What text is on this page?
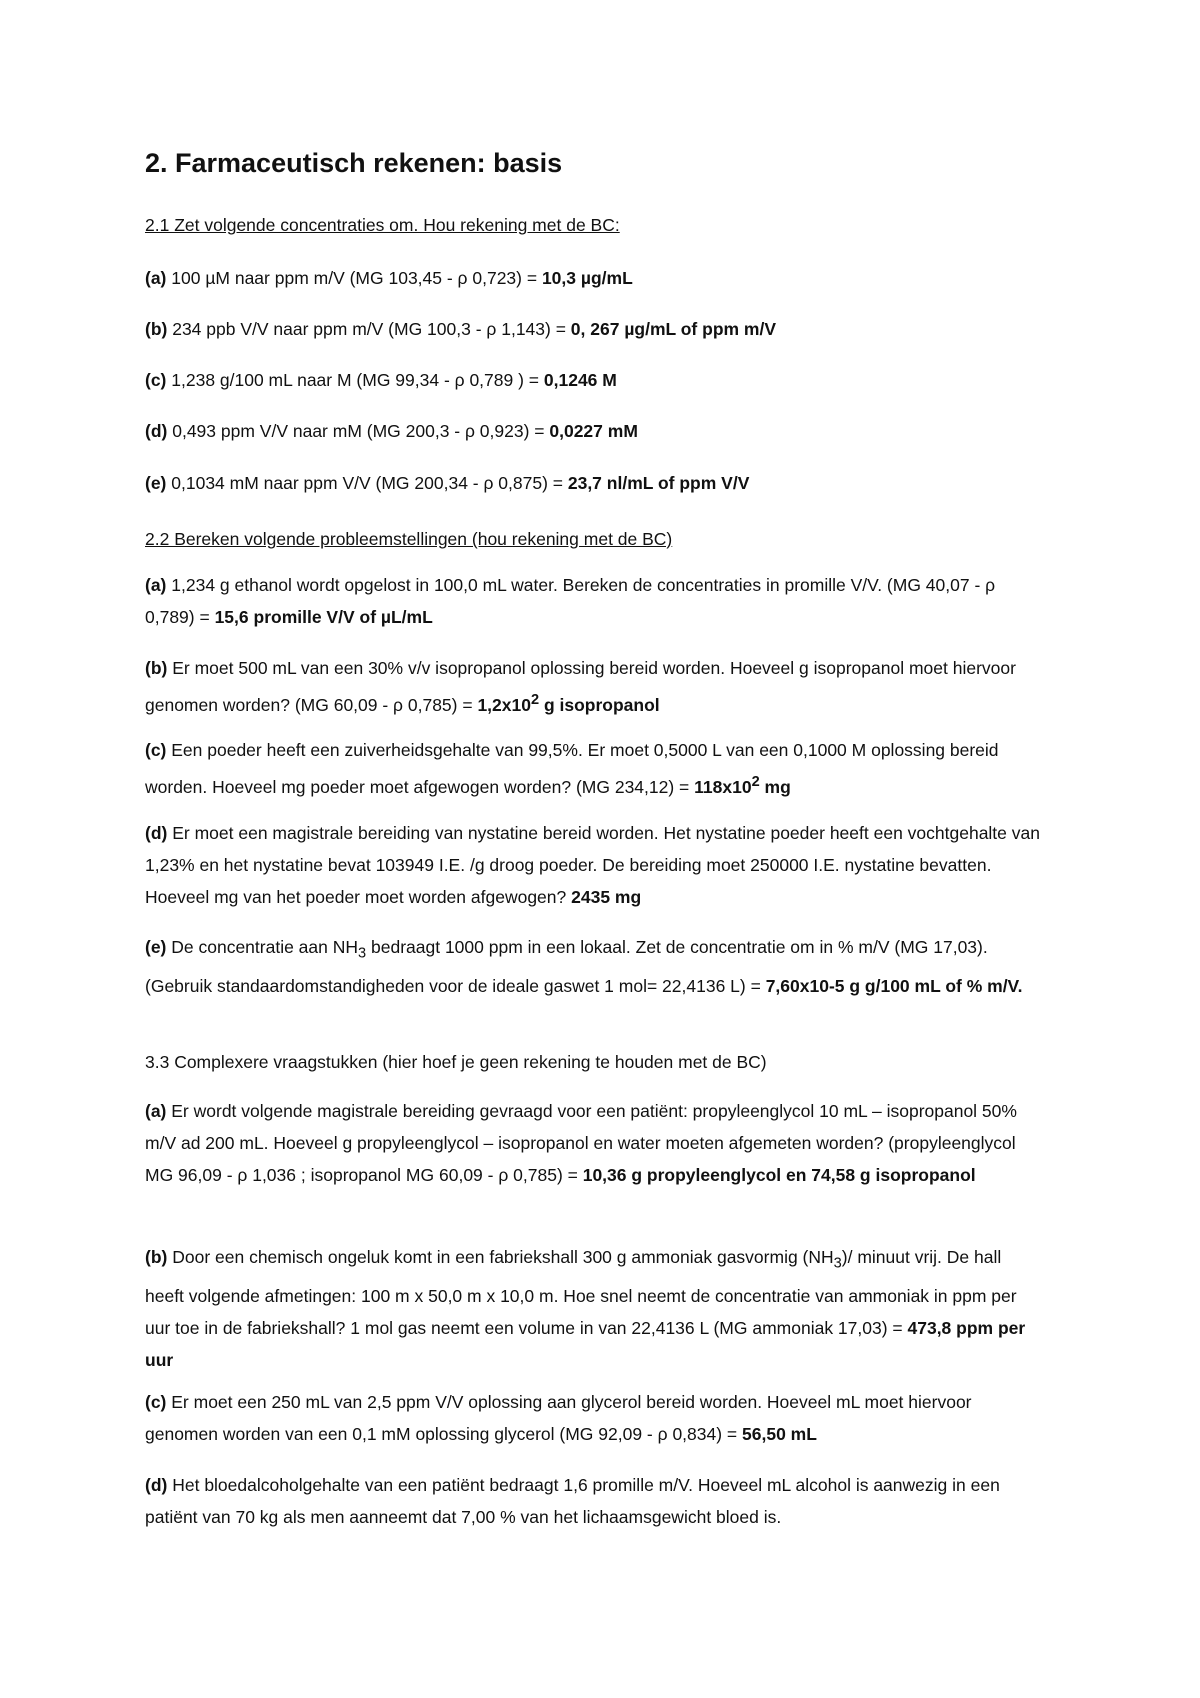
2. Farmaceutisch rekenen: basis

2.1 Zet volgende concentraties om. Hou rekening met de BC:

(a) 100 µM naar ppm m/V (MG 103,45 - ρ 0,723) = 10,3 µg/mL

(b) 234 ppb V/V naar ppm m/V (MG 100,3 - ρ 1,143) = 0, 267 µg/mL of ppm m/V

(c) 1,238 g/100 mL naar M (MG 99,34 - ρ 0,789 ) = 0,1246 M

(d) 0,493 ppm V/V naar mM (MG 200,3 - ρ 0,923) = 0,0227 mM

(e) 0,1034 mM naar ppm V/V (MG 200,34 - ρ 0,875) = 23,7 nl/mL of ppm V/V

2.2 Bereken volgende probleemstellingen (hou rekening met de BC)

(a) 1,234 g ethanol wordt opgelost in 100,0 mL water. Bereken de concentraties in promille V/V. (MG 40,07 - ρ 0,789) = 15,6 promille V/V of µL/mL

(b) Er moet 500 mL van een 30% v/v isopropanol oplossing bereid worden. Hoeveel g isopropanol moet hiervoor genomen worden? (MG 60,09 - ρ $0,785) = 1,2x10^2$ g isopropanol

(c) Een poeder heeft een zuiverheidsgehalte van 99,5%. Er moet 0,5000 L van een 0,1000 M oplossing bereid worden. Hoeveel mg poeder moet afgewogen worden? (MG $234,12) = 118x10^2$ mg

(d) Er moet een magistrale bereiding van nystatine bereid worden. Het nystatine poeder heeft een vochtgehalte van 1,23% en het nystatine bevat 103949 I.E. /g droog poeder. De bereiding moet 250000 I.E. nystatine bevatten. Hoeveel mg van het poeder moet worden afgewogen? 2435 mg

(e) De concentratie aan $NH_3$ bedraagt 1000 ppm in een lokaal. Zet de concentratie om in % m/V (MG 17,03). (Gebruik standaardomstandigheden voor de ideale gaswet 1 mol= 22,4136 L) = 7,60x10-5 g g/100 mL of % m/V.

3.3 Complexere vraagstukken (hier hoef je geen rekening te houden met de BC)

(a) Er wordt volgende magistrale bereiding gevraagd voor een patiënt: propyleenglycol 10 mL – isopropanol 50% m/V ad 200 mL. Hoeveel g propyleenglycol – isopropanol en water moeten afgemeten worden? (propyleenglycol MG 96,09 - ρ 1,036 ; isopropanol MG 60,09 - ρ 0,785) = 10,36 g propyleenglycol en 74,58 g isopropanol

(b) Door een chemisch ongeluk komt in een fabriekshall 300 g ammoniak gasvormig $(NH_3)/$ minuut vrij. De hall heeft volgende afmetingen: 100 m x 50,0 m x 10,0 m. Hoe snel neemt de concentratie van ammoniak in ppm per uur toe in de fabriekshall? 1 mol gas neemt een volume in van 22,4136 L (MG ammoniak 17,03) = 473,8 ppm per uur

(c) Er moet een 250 mL van 2,5 ppm V/V oplossing aan glycerol bereid worden. Hoeveel mL moet hiervoor genomen worden van een 0,1 mM oplossing glycerol (MG 92,09 - ρ 0,834) = 56,50 mL

(d) Het bloedalcoholgehalte van een patiënt bedraagt 1,6 promille m/V. Hoeveel mL alcohol is aanwezig in een patiënt van 70 kg als men aanneemt dat 7,00 % van het lichaamsgewicht bloed is.
